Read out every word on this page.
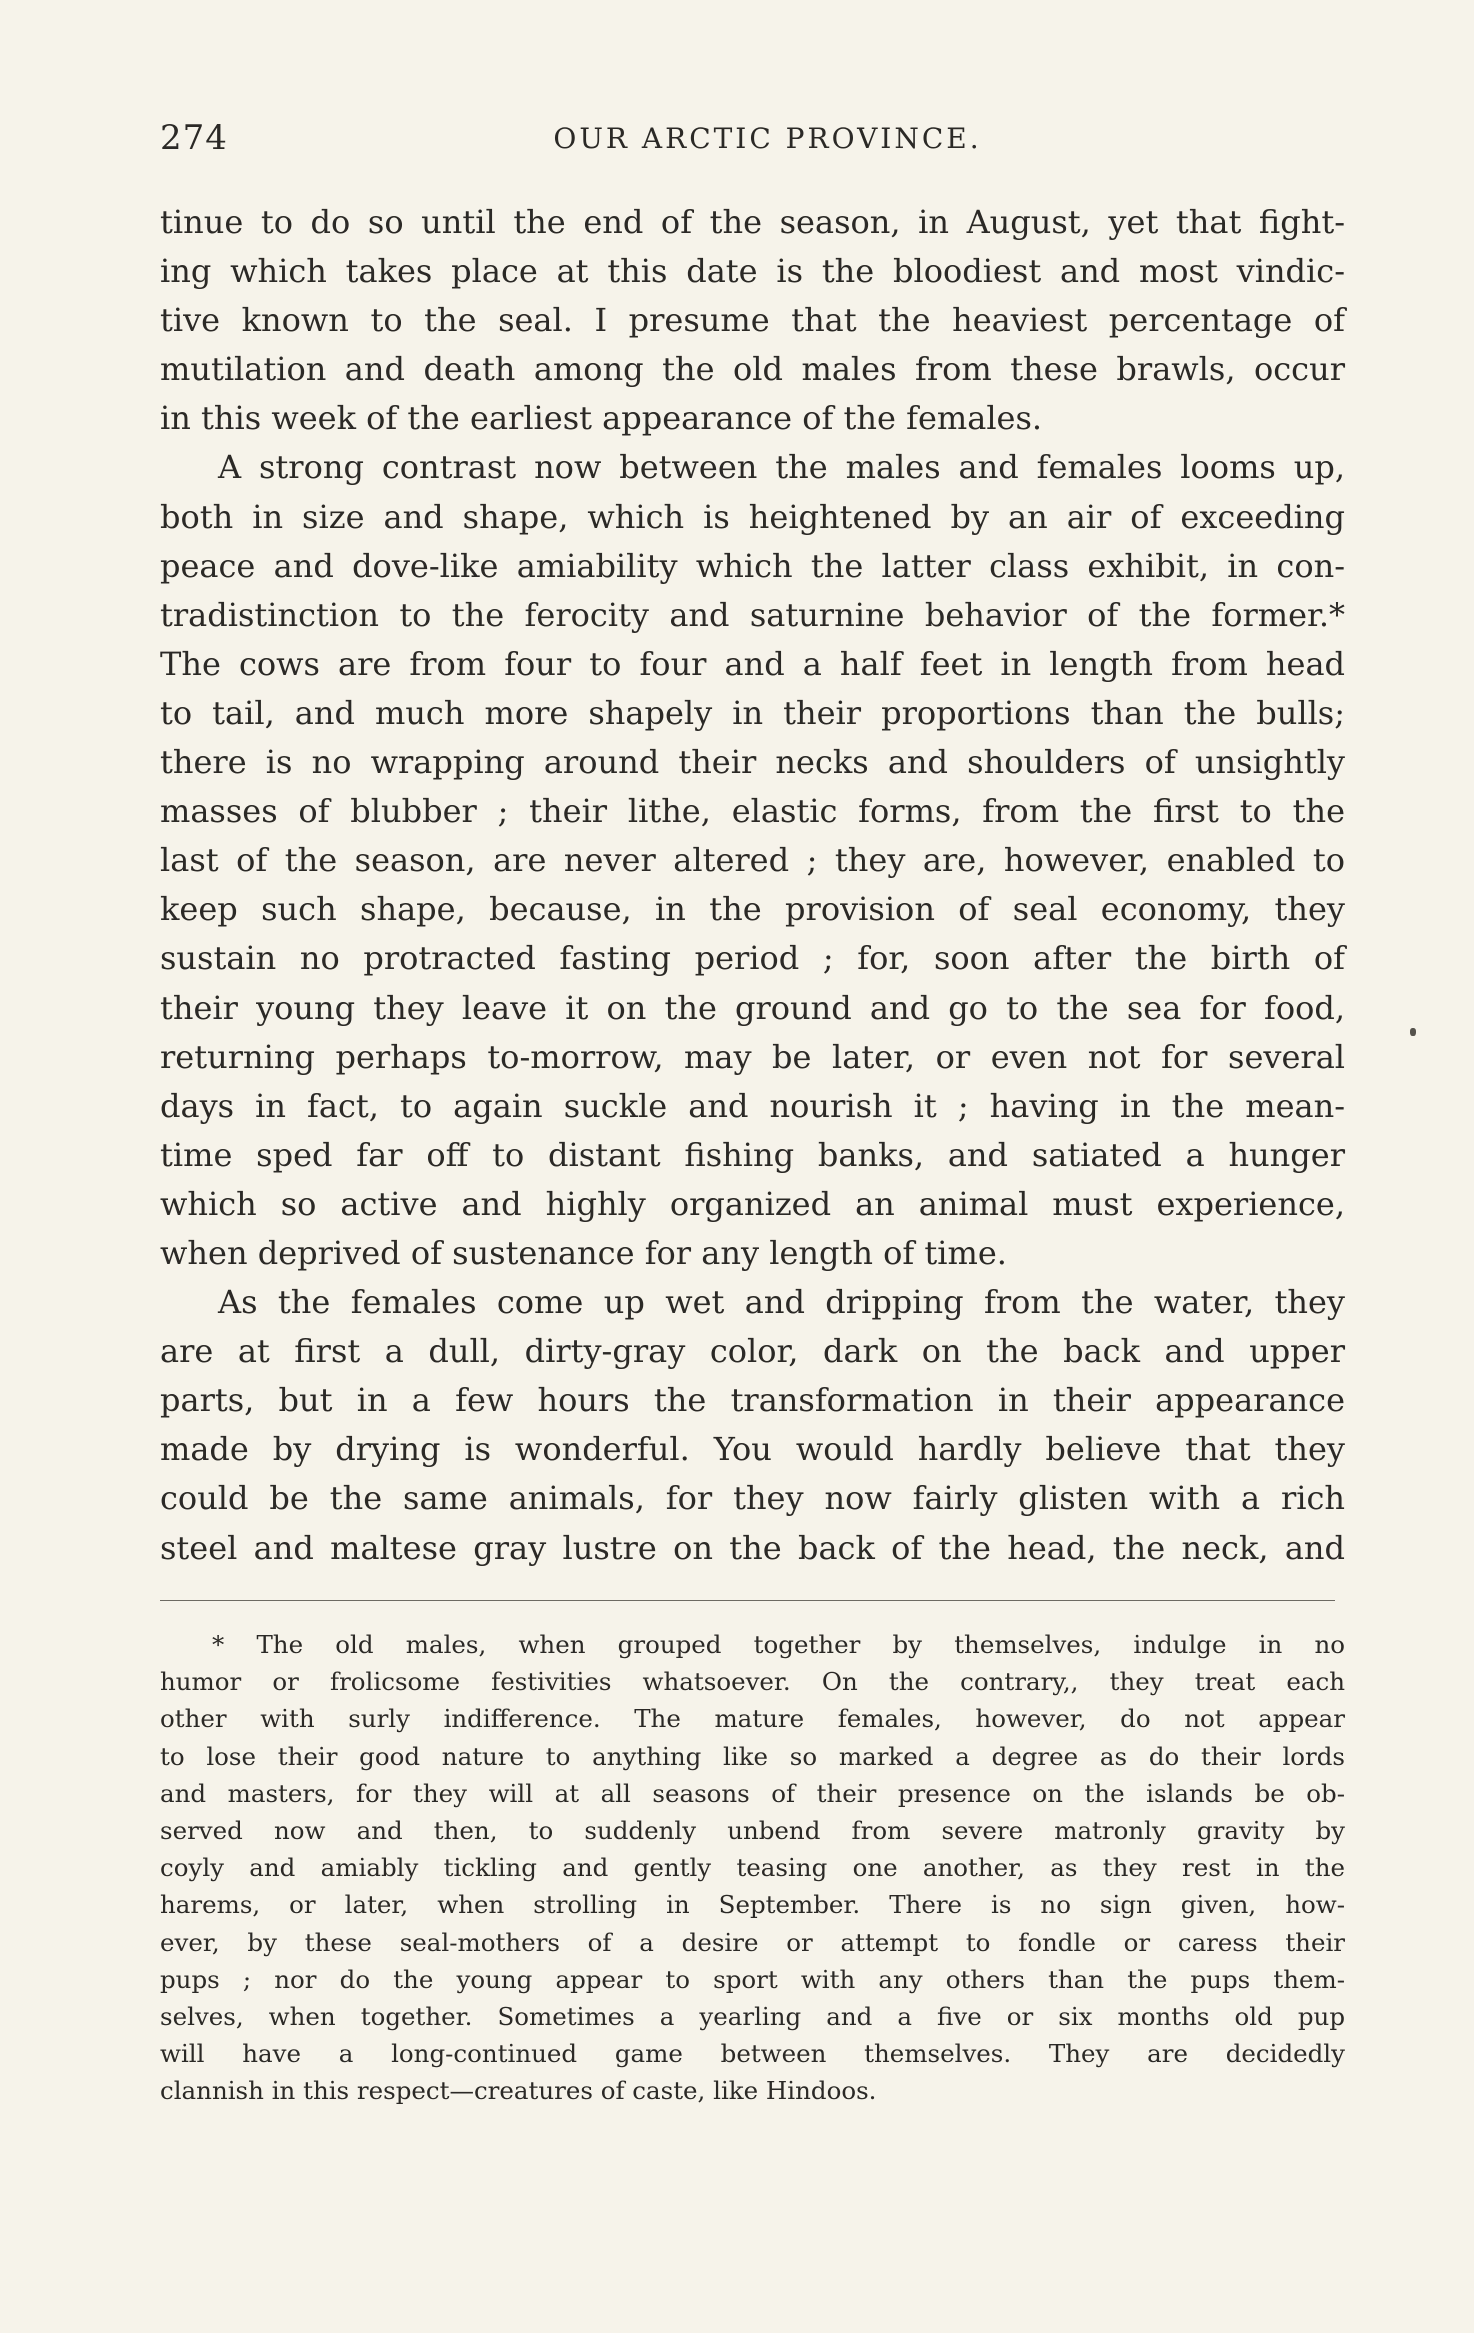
274	OUR ARCTIC PROVINCE.
tinue to do so until the end of the season, in August, yet that fight-
ing which takes place at this date is the bloodiest and most vindic-
tive known to the seal. I presume that the heaviest percentage of
mutilation and death among the old males from these brawls, occur
in this week of the earliest appearance of the females.
A strong contrast now between the males and females looms up,
both in size and shape, which is heightened by an air of exceeding
peace and dove-like amiability which the latter class exhibit, in con-
tradistinction to the ferocity and saturnine behavior of the former.*
The cows are from four to four and a half feet in length from head
to tail, and much more shapely in their proportions than the bulls;
there is no wrapping around their necks and shoulders of unsightly
masses of blubber ; their lithe, elastic forms, from the first to the
last of the season, are never altered ; they are, however, enabled to
keep such shape, because, in the provision of seal economy, they
sustain no protracted fasting period ; for, soon after the birth of
their young they leave it on the ground and go to the sea for food,
returning perhaps to-morrow, may be later, or even not for several
days in fact, to again suckle and nourish it ; having in the mean-
time sped far off to distant fishing banks, and satiated a hunger
which so active and highly organized an animal must experience,
when deprived of sustenance for any length of time.
As the females come up wet and dripping from the water, they
are at first a dull, dirty-gray color, dark on the back and upper
parts, but in a few hours the transformation in their appearance
made by drying is wonderful. You would hardly believe that they
could be the same animals, for they now fairly glisten with a rich
steel and maltese gray lustre on the back of the head, the neck, and
* The old males, when grouped together by themselves, indulge in no
humor or frolicsome festivities whatsoever. On the contrary,, they treat each
other with surly indifference. The mature females, however, do not appear
to lose their good nature to anything like so marked a degree as do their lords
and masters, for they will at all seasons of their presence on the islands be ob-
served now and then, to suddenly unbend from severe matronly gravity by
coyly and amiably tickling and gently teasing one another, as they rest in the
harems, or later, when strolling in September. There is no sign given, how-
ever, by these seal-mothers of a desire or attempt to fondle or caress their
pups ; nor do the young appear to sport with any others than the pups them-
selves, when together. Sometimes a yearling and a five or six months old pup
will have a long-continued game between themselves. They are decidedly
clannish in this respect—creatures of caste, like Hindoos.
